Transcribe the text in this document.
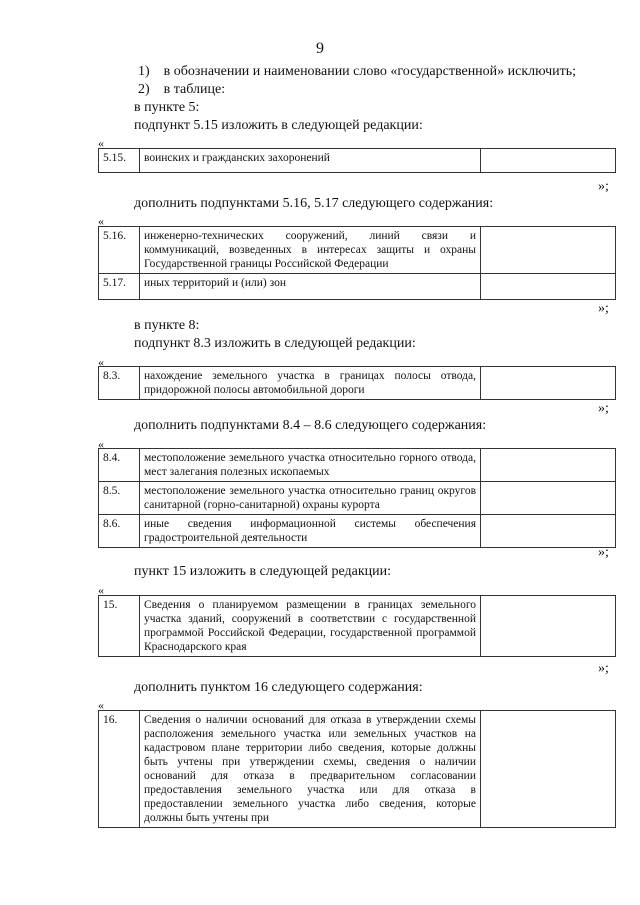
9
1)    в обозначении и наименовании слово «государственной» исключить;
2)    в таблице:
в пункте 5:
подпункт 5.15 изложить в следующей редакции:
«
5.15.	воинских и гражданских захоронений	
»;
дополнить подпунктами 5.16, 5.17 следующего содержания:
«
5.16.	инженерно-технических сооружений, линий связи и коммуникаций, возведенных в интересах защиты и охраны Государственной границы Российской Федерации	
5.17.	иных территорий и (или) зон	
»;
в пункте 8:
подпункт 8.3 изложить в следующей редакции:
«
8.3.	нахождение земельного участка в границах полосы отвода, придорожной полосы автомобильной дороги	
»;
дополнить подпунктами 8.4 – 8.6 следующего содержания:
«
8.4.	местоположение земельного участка относительно горного отвода, мест залегания полезных ископаемых	
8.5.	местоположение земельного участка относительно границ округов санитарной (горно-санитарной) охраны курорта	
8.6.	иные сведения информационной системы обеспечения градостроительной деятельности	
»;
пункт 15 изложить в следующей редакции:
«
15.	Сведения о планируемом размещении в границах земельного участка зданий, сооружений в соответствии с государственной программой Российской Федерации, государственной программой Краснодарского края	
»;
дополнить пунктом 16 следующего содержания:
«
16.	Сведения о наличии оснований для отказа в утверждении схемы расположения земельного участка или земельных участков на кадастровом плане территории либо сведения, которые должны быть учтены при утверждении схемы, сведения о наличии оснований для отказа в предварительном согласовании предоставления земельного участка или для отказа в предоставлении земельного участка либо сведения, которые должны быть учтены при	
